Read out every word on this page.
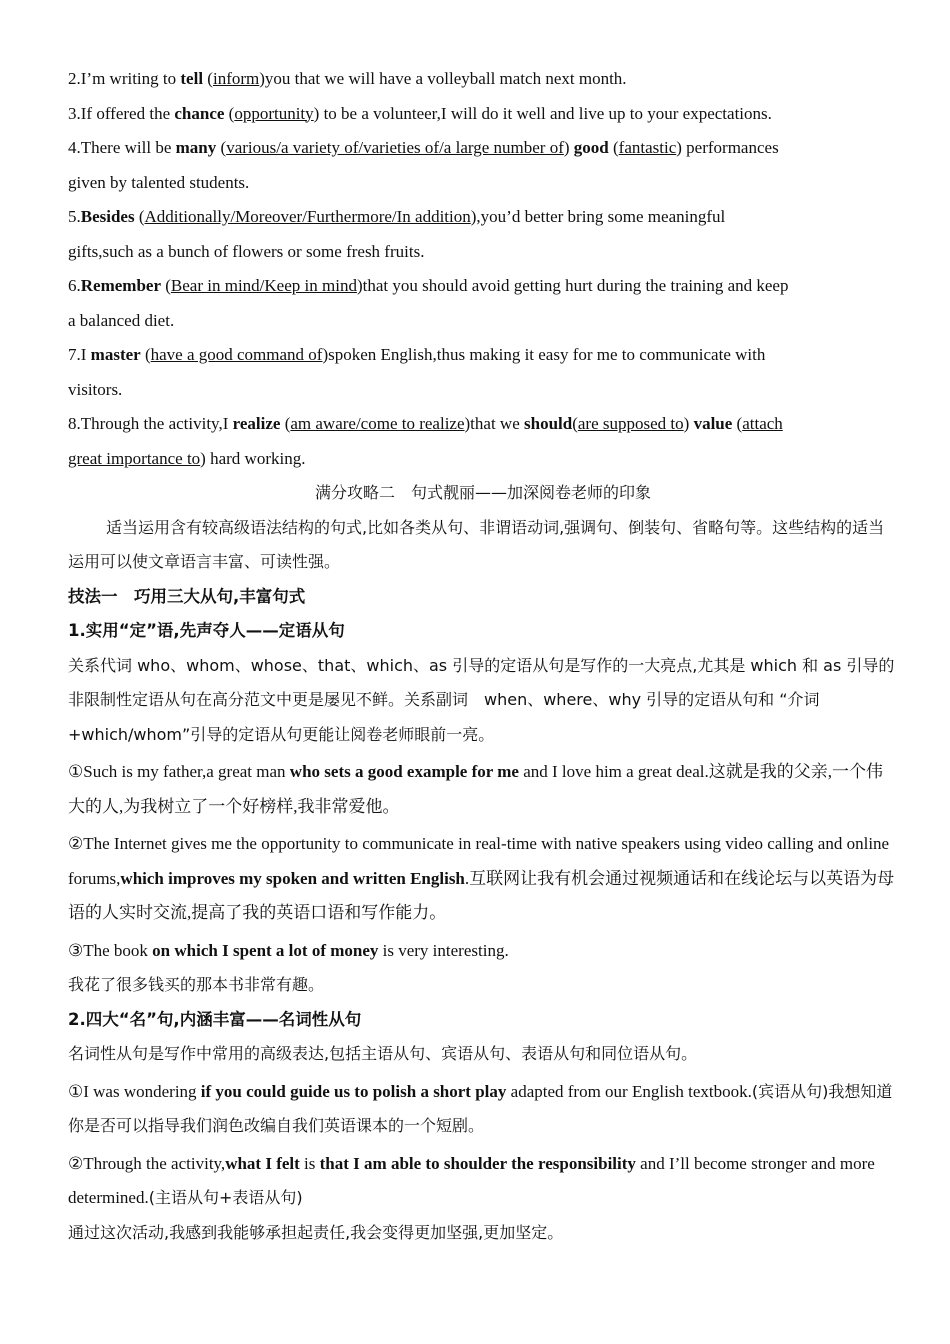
2.I’m writing to tell (inform)you that we will have a volleyball match next month.

3.If offered the chance (opportunity) to be a volunteer,I will do it well and live up to your expectations.

4.There will be many (various/a variety of/varieties of/a large number of) good (fantastic) performances
given by talented students.

5.Besides (Additionally/Moreover/Furthermore/In addition),you’d better bring some meaningful
gifts,such as a bunch of flowers or some fresh fruits.

6.Remember (Bear in mind/Keep in mind)that you should avoid getting hurt during the training and keep
a balanced diet.

7.I master (have a good command of)spoken English,thus making it easy for me to communicate with
visitors.

8.Through the activity,I realize (am aware/come to realize)that we should(are supposed to) value (attach
great importance to) hard working.

满分攻略二　句式靓丽——加深阅卷老师的印象

适当运用含有较高级语法结构的句式,比如各类从句、非谓语动词,强调句、倒装句、省略句等。这些结构的适当运用可以使文章语言丰富、可读性强。

技法一　巧用三大从句,丰富句式

1.实用“定”语,先声夺人——定语从句

关系代词 who、whom、whose、that、which、as 引导的定语从句是写作的一大亮点,尤其是 which 和 as 引导的非限制性定语从句在高分范文中更是屡见不鲜。关系副词　when、where、why 引导的定语从句和 “介词+which/whom”引导的定语从句更能让阅卷老师眼前一亮。

①Such is my father,a great man who sets a good example for me and I love him a great deal.这就是我的父亲,一个伟大的人,为我树立了一个好榜样,我非常爱他。

②The Internet gives me the opportunity to communicate in real-time with native speakers using video calling and online forums,which improves my spoken and written English.互联网让我有机会通过视频通话和在线论坛与以英语为母语的人实时交流,提高了我的英语口语和写作能力。

③The book on which I spent a lot of money is very interesting.
我花了很多钱买的那本书非常有趣。

2.四大“名”句,内涵丰富——名词性从句

名词性从句是写作中常用的高级表达,包括主语从句、宾语从句、表语从句和同位语从句。

①I was wondering if you could guide us to polish a short play adapted from our English textbook.(宾语从句)我想知道你是否可以指导我们润色改编自我们英语课本的一个短剧。

②Through the activity,what I felt is that I am able to shoulder the responsibility and I’ll become stronger and more determined.(主语从句+表语从句)
通过这次活动,我感到我能够承担起责任,我会变得更加坚强,更加坚定。
